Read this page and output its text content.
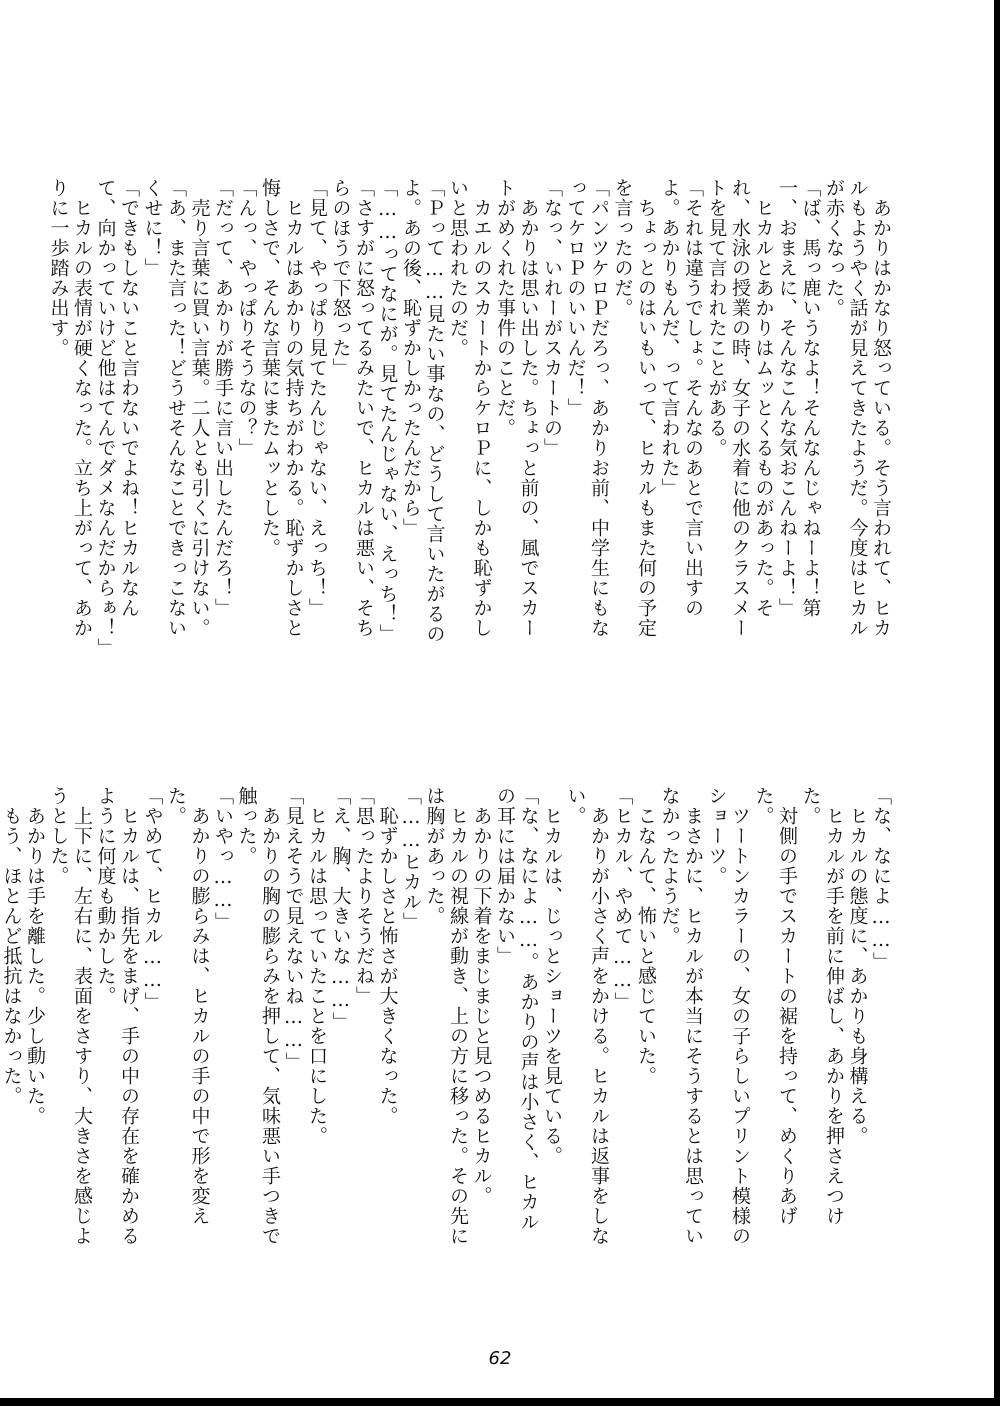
　あかりはかなり怒っている。そう言われて、ヒカルもようやく話が見えてきたようだ。今度はヒカルが赤くなった。

「ば、馬っ鹿いうなよ！そんなんじゃねーよ！第一、おまえに、そんなこんな気おこんねーよ！」

　ヒカルとあかりはムッとくるものがあった。それ、水泳の授業の時、女子の水着に他のクラスメートを見て言われたことがある。

「それは違うでしょ。そんなのあとで言い出すのよ。あかりもんだ、って言われた」

　ちょっとのはいもいって、ヒカルもまた何の予定を言ったのだ。

「パンツケロＰだろっ、あかりお前、中学生にもなってケロＰのいいんだ！」

「なっ、いれーがスカートの」

　あかりは思い出した。ちょっと前の、風でスカートがめくれた事件のことだ。

　カエルのスカートからケロＰに、しかも恥ずかしいと思われたのだ。

「Ｐって……見たい事なの、どうして言いたがるのよ。あの後、恥ずかしかったんだから」

「……ってなにが。見てたんじゃない、えっち！」

「さすがに怒ってるみたいで、ヒカルは悪い、そちらのほうで下怒った」

「見て、やっぱり見てたんじゃない、えっち！」

　ヒカルはあかりの気持ちがわかる。恥ずかしさと悔しさで、そんな言葉にまたムッとした。

「んっ、やっぱりそうなの？」

「だって、あかりが勝手に言い出したんだろ！」

　売り言葉に買い言葉。二人とも引くに引けない。

「あ、また言った！どうせそんなことできっこないくせに！」

「できもしないこと言わないでよね！ヒカルなんて、向かっていけど他はてんでダメなんだからぁ！」

　ヒカルの表情が硬くなった。立ち上がって、あかりに一歩踏み出す。

「な、なによ……」

　ヒカルの態度に、あかりも身構える。

　ヒカルが手を前に伸ばし、あかりを押さえつけた。

　対側の手でスカートの裾を持って、めくりあげた。

　ツートンカラーの、女の子らしいプリント模様のショーツ。

　まさかに、ヒカルが本当にそうするとは思っていなかったようだ。

　こなんて、怖いと感じていた。

「ヒカル、やめて……」

　あかりが小さく声をかける。ヒカルは返事をしない。

　ヒカルは、じっとショーツを見ている。

「な、なによ……。あかりの声は小さく、ヒカルの耳には届かない」

　あかりの下着をまじまじと見つめるヒカル。

　ヒカルの視線が動き、上の方に移った。その先には胸があった。

「……ヒカル」

　恥ずかしさと怖さが大きくなった。

「思ったよりそうだね」

「え、胸、大きいな……」

　ヒカルは思っていたことを口にした。

「見えそうで見えないね……」

　あかりの胸の膨らみを押して、気味悪い手つきで触った。

「いやっ……」

　あかりの膨らみは、ヒカルの手の中で形を変えた。

「やめて、ヒカル……」

　ヒカルは、指先をまげ、手の中の存在を確かめるように何度も動かした。

　上下に、左右に、表面をさすり、大きさを感じようとした。

　あかりは手を離した。少し動いた。

　もう、ほとんど抵抗はなかった。

62
